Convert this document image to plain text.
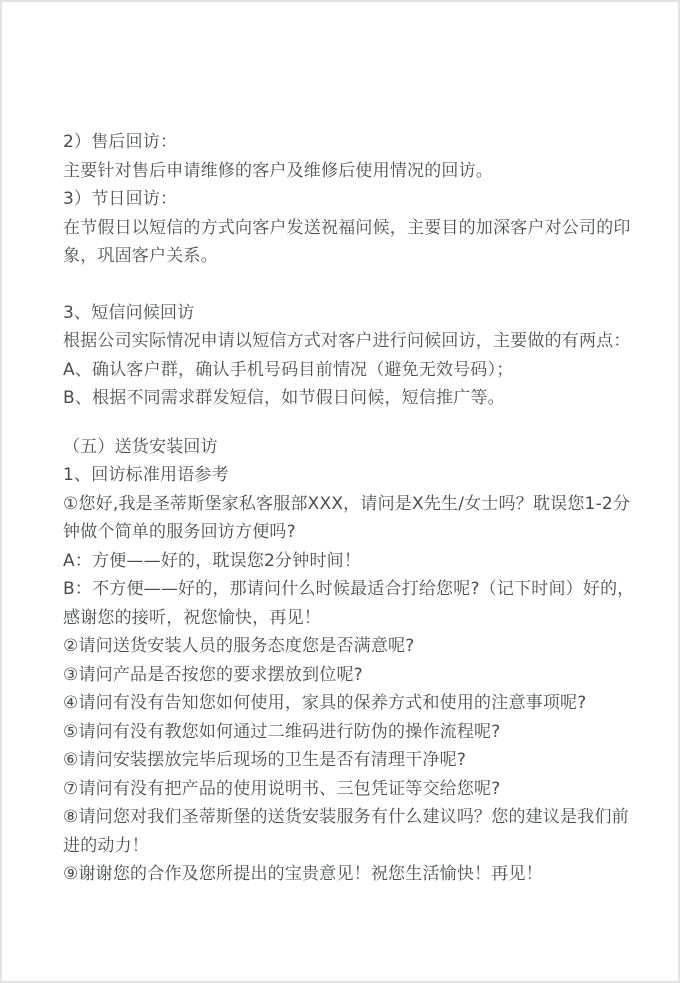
2）售后回访：
主要针对售后申请维修的客户及维修后使用情况的回访。
3）节日回访：
在节假日以短信的方式向客户发送祝福问候，主要目的加深客户对公司的印
象，巩固客户关系。
3、短信问候回访
根据公司实际情况申请以短信方式对客户进行问候回访，主要做的有两点：
A、确认客户群，确认手机号码目前情况（避免无效号码）；
B、根据不同需求群发短信，如节假日问候，短信推广等。
（五）送货安装回访
1、回访标准用语参考
①您好,我是圣蒂斯堡家私客服部XXX，请问是X先生/女士吗？耽误您1-2分
钟做个简单的服务回访方便吗?
A：方便——好的，耽误您2分钟时间！
B：不方便——好的，那请问什么时候最适合打给您呢?（记下时间）好的，
感谢您的接听，祝您愉快，再见！
②请问送货安装人员的服务态度您是否满意呢?
③请问产品是否按您的要求摆放到位呢?
④请问有没有告知您如何使用，家具的保养方式和使用的注意事项呢?
⑤请问有没有教您如何通过二维码进行防伪的操作流程呢?
⑥请问安装摆放完毕后现场的卫生是否有清理干净呢?
⑦请问有没有把产品的使用说明书、三包凭证等交给您呢?
⑧请问您对我们圣蒂斯堡的送货安装服务有什么建议吗？您的建议是我们前
进的动力！
⑨谢谢您的合作及您所提出的宝贵意见！祝您生活愉快！再见！
